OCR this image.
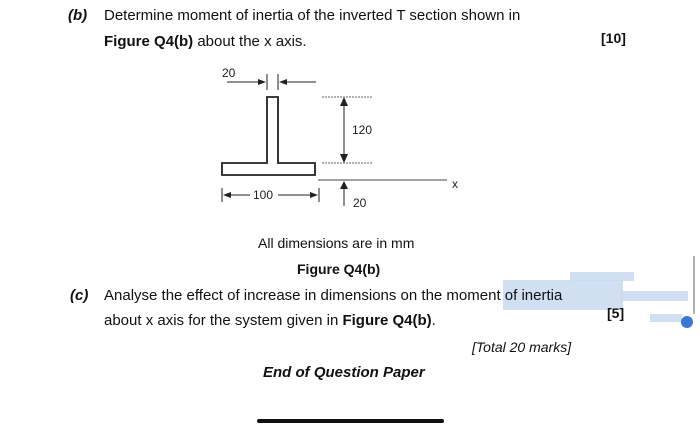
(b) Determine moment of inertia of the inverted T section shown in
Figure Q4(b) about the x axis.	[10]
20
120
x
100
20
All dimensions are in mm
Figure Q4(b)
(c) Analyse the effect of increase in dimensions on the moment of inertia
about x axis for the system given in Figure Q4(b).	[5]
[Total 20 marks]
End of Question Paper
